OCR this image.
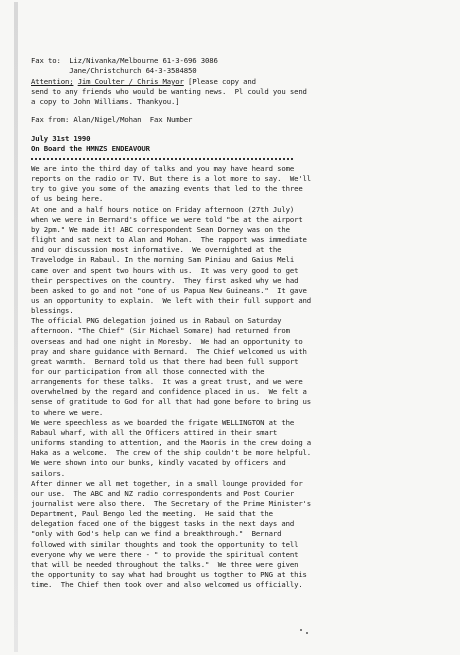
Fax to:  Liz/Nivanka/Melbourne 61-3-696 3086
Jane/Christchurch 64-3-3584850
Attention; Jim Coulter / Chris Mayor [Please copy and
send to any friends who would be wanting news.  Pl could you send
a copy to John Williams. Thankyou.]
Fax from: Alan/Nigel/Mohan  Fax Number
July 31st 1990
On Board the HMNZS ENDEAVOUR
We are into the third day of talks and you may have heard some
reports on the radio or TV. But there is a lot more to say.  We'll
try to give you some of the amazing events that led to the three
of us being here.
At one and a half hours notice on Friday afternoon (27th July)
when we were in Bernard's office we were told "be at the airport
by 2pm." We made it! ABC correspondent Sean Dorney was on the
flight and sat next to Alan and Mohan.  The rapport was immediate
and our discussion most informative.  We overnighted at the
Travelodge in Rabaul. In the morning Sam Piniau and Gaius Meli
came over and spent two hours with us.  It was very good to get
their perspectives on the country.  They first asked why we had
been asked to go and not "one of us Papua New Guineans."  It gave
us an opportunity to explain.  We left with their full support and
blessings.
The official PNG delegation joined us in Rabaul on Saturday
afternoon. "The Chief" (Sir Michael Somare) had returned from
overseas and had one night in Moresby.  We had an opportunity to
pray and share guidance with Bernard.  The Chief welcomed us with
great warmth.  Bernard told us that there had been full support
for our participation from all those connected with the
arrangements for these talks.  It was a great trust, and we were
overwhelmed by the regard and confidence placed in us.  We felt a
sense of gratitude to God for all that had gone before to bring us
to where we were.
We were speechless as we boarded the frigate WELLINGTON at the
Rabaul wharf, with all the Officers attired in their smart
uniforms standing to attention, and the Maoris in the crew doing a
Haka as a welcome.  The crew of the ship couldn't be more helpful.
We were shown into our bunks, kindly vacated by officers and
sailors.
After dinner we all met together, in a small lounge provided for
our use.  The ABC and NZ radio correspondents and Post Courier
journalist were also there.  The Secretary of the Prime Minister's
Department, Paul Bengo led the meeting.  He said that the
delegation faced one of the biggest tasks in the next days and
"only with God's help can we find a breakthrough."  Bernard
followed with similar thoughts and took the opportunity to tell
everyone why we were there - " to provide the spiritual content
that will be needed throughout the talks."  We three were given
the opportunity to say what had brought us togther to PNG at this
time.  The Chief then took over and also welcomed us officially.
